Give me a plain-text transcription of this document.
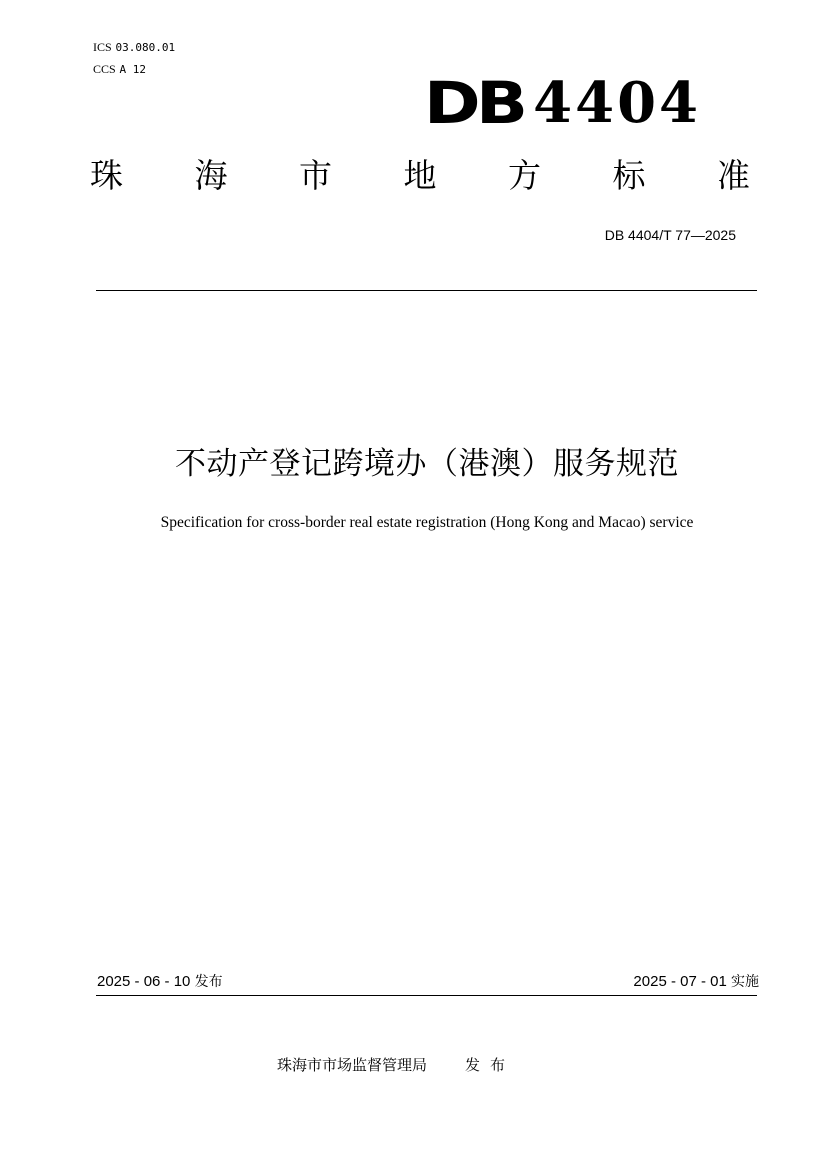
ICS 03.080.01
CCS A 12	DB 4404
珠 海 市 地 方 标 准
DB 4404/T 77—2025
不动产登记跨境办（港澳）服务规范
Specification for cross-border real estate registration (Hong Kong and Macao) service
2025 - 06 - 10 发布	2025 - 07 - 01 实施
珠海市市场监督管理局	发布
